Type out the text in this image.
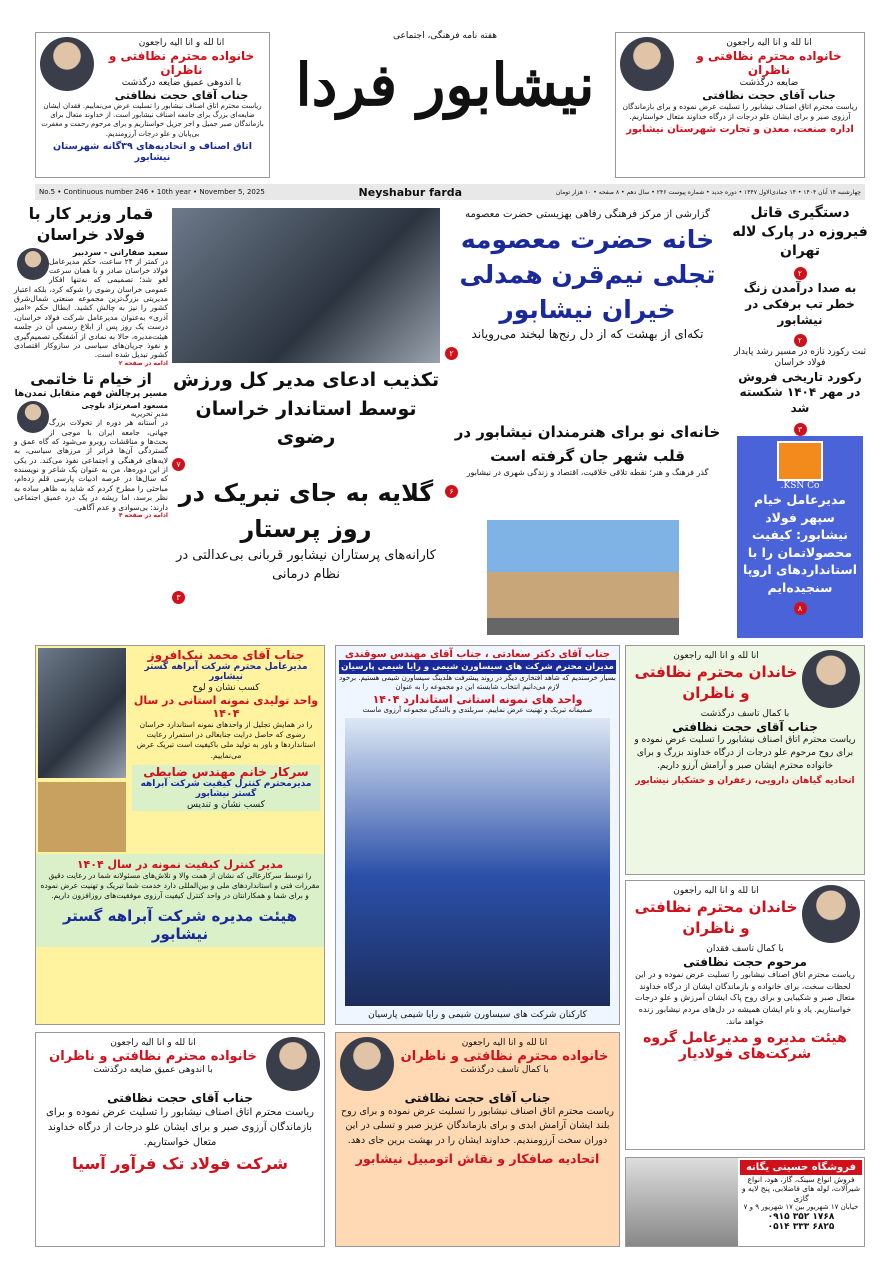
انا لله و انا الیه راجعون
خانواده محترم نظافتی و ناظران
با اندوهی عمیق ضایعه درگذشت
جناب آقای حجت نظافتی
ریاست محترم اتاق اصناف نیشابور را تسلیت عرض می‌نماییم. فقدان ایشان ضایعه‌ای بزرگ برای جامعه اصناف نیشابور است. از خداوند متعال برای بازماندگان صبر جمیل و اجر جزیل خواستاریم و برای مرحوم رحمت و مغفرت بی‌پایان و علو درجات آرزومندیم.
اتاق اصناف و اتحادیه‌های ۳۹گانه شهرستان نیشابور
هفته نامه فرهنگی، اجتماعی
نیشابور فردا
انا لله و انا الیه راجعون
خانواده محترم نظافتی و ناظران
ضایعه درگذشت
جناب آقای حجت نظافتی
ریاست محترم اتاق اصناف نیشابور را تسلیت عرض نموده و برای بازماندگان آرزوی صبر و برای ایشان علو درجات از درگاه خداوند متعال خواستاریم.
اداره صنعت، معدن و تجارت شهرستان نیشابور
No.5 • Continuous number 246 • 10th year • November 5, 2025	Neyshabur farda	چهارشنبه ۱۴ آبان ۱۴۰۴ • ۱۴ جمادی‌الاول ۱۴۴۷ • دوره جدید • شماره پیوست ۲۴۶ • سال دهم • ۸ صفحه • ۱۰ هزار تومان
دستگیری قاتل فیروزه در پارک لاله تهران
۲
به صدا درآمدن زنگ خطر تب برفکی در نیشابور
۲
ثبت رکورد تازه در مسیر رشد پایدار فولاد خراسان
رکورد تاریخی فروش در مهر ۱۴۰۴ شکسته شد
۳
KSN Co.
مدیرعامل خیام سپهر فولاد نیشابور: کیفیت محصولاتمان را با استانداردهای اروپا سنجیده‌ایم
۸
گزارشی از مرکز فرهنگی رفاهی بهزیستی حضرت معصومه
خانه حضرت معصومه تجلی نیم‌قرن همدلی خیران نیشابور
تکه‌ای از بهشت که از دل رنج‌ها لبخند می‌رویاند
۲
خانه‌ای نو برای هنرمندان نیشابور در قلب شهر جان گرفته است
گذر فرهنگ و هنر؛ نقطه تلاقی خلاقیت، اقتصاد و زندگی شهری در نیشابور
۶
تکذیب ادعای مدیر کل ورزش توسط استاندار خراسان رضوی
۷
گلایه به جای تبریک در روز پرستار
کارانه‌های پرستاران نیشابور قربانی بی‌عدالتی در نظام درمانی
۳
قمار وزیر کار با فولاد خراسان
سعید صفارانی - سردبیر
در کمتر از ۲۴ ساعت، حکم مدیرعامل فولاد خراسان صادر و با همان سرعت لغو شد؛ تصمیمی که نه‌تنها افکار عمومی خراسان رضوی را شوکه کرد، بلکه اعتبار مدیریتی بزرگ‌ترین مجموعه صنعتی شمال‌شرق کشور را نیز به چالش کشید. ابطال حکم «امیر آذری» به‌عنوان مدیرعامل شرکت فولاد خراسان، درست یک روز پس از ابلاغ رسمی آن در جلسه هیئت‌مدیره، حالا به نمادی از آشفتگی تصمیم‌گیری و نفوذ جریان‌های سیاسی در سازوکار اقتصادی کشور تبدیل شده است.
ادامه در صفحه ۲
از خیام تا خاتمی
مسیر پرچالش فهم متقابل تمدن‌ها
مسعود اصغرنژاد بلوچی
مدیر تحریریه
در آستانه هر دوره از تحولات بزرگ جهانی، جامعه ایران با موجی از بحث‌ها و مناقشات روبرو می‌شود که گاه عمق و گستردگی آن‌ها فراتر از مرزهای سیاسی، به لایه‌های فرهنگی و اجتماعی نفوذ می‌کند. در یکی از این دوره‌ها، من به عنوان یک شاعر و نویسنده که سال‌ها در عرصه ادبیات پارسی قلم زده‌ام، مباحثی را مطرح کردم که شاید به ظاهر ساده به نظر برسد، اما ریشه در یک درد عمیق اجتماعی دارند: بی‌سوادی و عدم آگاهی.
ادامه در صفحه ۴
جناب آقای محمد نیک‌افروز
مدیرعامل محترم شرکت آبراهه گستر نیشابور
کسب نشان و لوح
واحد تولیدی نمونه استانی در سال ۱۴۰۴
را در همایش تجلیل از واحدهای نمونه استاندارد خراسان رضوی که حاصل درایت جنابعالی در استمرار رعایت استانداردها و باور به تولید ملی باکیفیت است تبریک عرض می‌نماییم.
سرکار خانم مهندس ضابطی
مدیرمحترم کنترل کیفیت شرکت آبراهه گستر نیشابور
کسب نشان و تندیس
مدیر کنترل کیفیت نمونه در سال ۱۴۰۴
را توسط سرکارعالی که نشان از همت والا و تلاش‌های مسئولانه شما در رعایت دقیق مقررات فنی و استانداردهای ملی و بین‌المللی دارد خدمت شما تبریک و تهنیت عرض نموده و برای شما و همکارانتان در واحد کنترل کیفیت آرزوی موفقیت‌های روزافزون داریم.
هیئت مدیره شرکت آبراهه گستر نیشابور
جناب آقای دکتر سعادتی ، جناب آقای مهندس سوقندی
مدیران محترم شرکت های سیساورن شیمی و رایا شیمی پارسیان
بسیار خرسندیم که شاهد افتخاری دیگر در روند پیشرفت هلدینگ سیساورن شیمی هستیم. برخود لازم می‌دانیم انتخاب شایسته این دو مجموعه را به عنوان
واحد های نمونه استانی استاندارد ۱۴۰۴
صمیمانه تبریک و تهنیت عرض نماییم. سربلندی و بالندگی مجموعه آرزوی ماست
کارکنان شرکت های سیساورن شیمی و رایا شیمی پارسیان
انا لله و انا الیه راجعون
خاندان محترم نظافتی و ناظران
با کمال تاسف درگذشت
جناب آقای حجت نظافتی
ریاست محترم اتاق اصناف نیشابور را تسلیت عرض نموده و برای روح مرحوم علو درجات از درگاه خداوند بزرگ و برای خانواده محترم ایشان صبر و آرامش آرزو داریم.
اتحادیه گیاهان دارویی، زعفران و خشکبار نیشابور
انا لله و انا الیه راجعون
خاندان محترم نظافتی و ناظران
با کمال تاسف فقدان
مرحوم حجت نظافتی
ریاست محترم اتاق اصناف نیشابور را تسلیت عرض نموده و در این لحظات سخت، برای خانواده و بازماندگان ایشان از درگاه خداوند متعال صبر و شکیبایی و برای روح پاک ایشان آمرزش و علو درجات خواستاریم. یاد و نام ایشان همیشه در دل‌های مردم نیشابور زنده خواهد ماند.
هیئت مدیره و مدیرعامل گروه شرکت‌های فولادیار
انا لله و انا الیه راجعون
خانواده محترم نظافتی و ناظران
با اندوهی عمیق ضایعه درگذشت
جناب آقای حجت نظافتی
ریاست محترم اتاق اصناف نیشابور را تسلیت عرض نموده و برای بازماندگان آرزوی صبر و برای ایشان علو درجات از درگاه خداوند متعال خواستاریم.
شرکت فولاد تک فرآور آسیا
انا لله و انا الیه راجعون
خانواده محترم نظافتی و ناظران
با کمال تاسف درگذشت
جناب آقای حجت نظافتی
ریاست محترم اتاق اصناف نیشابور را تسلیت عرض نموده و برای روح بلند ایشان آرامش ابدی و برای بازماندگان عزیز صبر و تسلی در این دوران سخت آرزومندیم. خداوند ایشان را در بهشت برین جای دهد.
اتحادیه صافکار و نقاش اتومبیل نیشابور
فروشگاه حسینی یگانه
فروش انواع سینک، گاز، هود، انواع شیرآلات، لوله های فاضلابی، پنج لایه و گازی
خیابان ۱۷ شهریور بین ۱۷ شهریور ۹ و ۷
۰۹۱۵ ۳۵۲ ۱۷۶۸
۰۵۱۴ ۳۳۳ ۶۸۲۵
